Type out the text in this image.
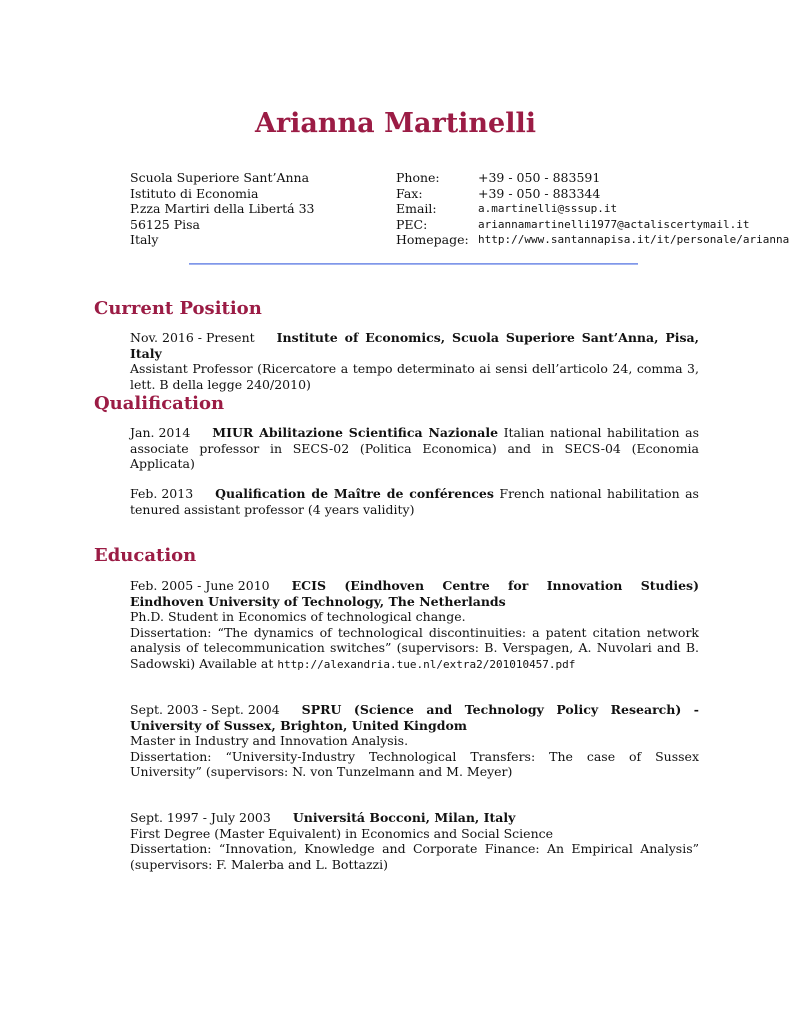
Arianna Martinelli
Scuola Superiore Sant’Anna
Istituto di Economia
P.zza Martiri della Libertá 33
56125 Pisa
Italy
Phone:	+39 - 050 - 883591
Fax:	+39 - 050 - 883344
Email:	a.martinelli@sssup.it
PEC:	ariannamartinelli1977@actaliscertymail.it
Homepage: http://www.santannapisa.it/it/personale/arianna
Current Position

Nov. 2016 - Present Institute of Economics, Scuola Superiore Sant’Anna, Pisa, Italy

Assistant Professor (Ricercatore a tempo determinato ai sensi dell’articolo 24, comma 3, lett. B della legge 240/2010)

Qualification

Jan. 2014 MIUR Abilitazione Scientifica Nazionale Italian national habilitation as associate professor in SECS-02 (Politica Economica) and in SECS-04 (Economia Applicata)

Feb. 2013 Qualification de Maître de conférences French national habilitation as tenured assistant professor (4 years validity)

Education

Feb. 2005 - June 2010 ECIS (Eindhoven Centre for Innovation Studies) Eindhoven University of Technology, The Netherlands

Ph.D. Student in Economics of technological change.

Dissertation: “The dynamics of technological discontinuities: a patent citation network analysis of telecommunication switches” (supervisors: B. Verspagen, A. Nuvolari and B. Sadowski) Available at http://alexandria.tue.nl/extra2/201010457.pdf

Sept. 2003 - Sept. 2004 SPRU (Science and Technology Policy Research) - University of Sussex, Brighton, United Kingdom

Master in Industry and Innovation Analysis.

Dissertation: “University-Industry Technological Transfers: The case of Sussex University” (supervisors: N. von Tunzelmann and M. Meyer)

Sept. 1997 - July 2003 Universitá Bocconi, Milan, Italy

First Degree (Master Equivalent) in Economics and Social Science

Dissertation: “Innovation, Knowledge and Corporate Finance: An Empirical Analysis” (supervisors: F. Malerba and L. Bottazzi)
